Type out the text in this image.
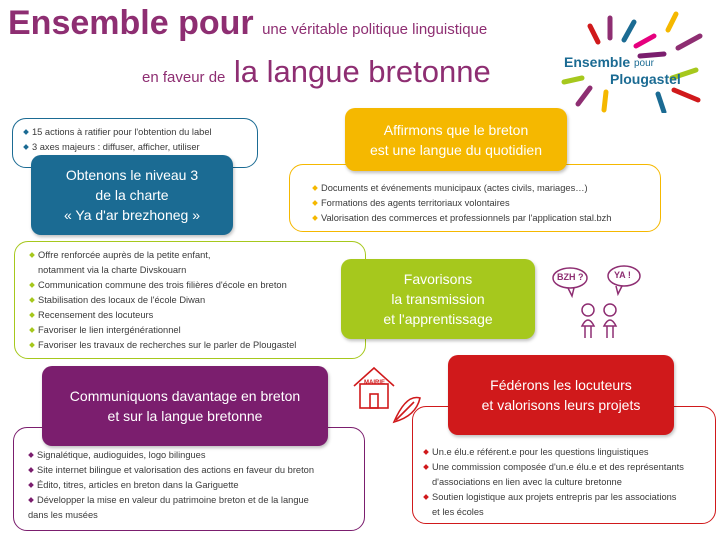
Ensemble pour une véritable politique linguistique
en faveur de la langue bretonne	Ensemble pour
Plougastel
15 actions à ratifier pour l'obtention du label
3 axes majeurs : diffuser, afficher, utiliser
Obtenons le niveau 3
de la charte
« Ya d'ar brezhoneg »
Documents et événements municipaux (actes civils, mariages…)
Formations des agents territoriaux volontaires
Valorisation des commerces et professionnels par l'application stal.bzh
Affirmons que le breton
est une langue du quotidien
Offre renforcée auprès de la petite enfant,
notamment via la charte Divskouarn
Communication commune des trois filières d'école en breton
Stabilisation des locaux de l'école Diwan
Recensement des locuteurs
Favoriser le lien intergénérationnel
Favoriser les travaux de recherches sur le parler de Plougastel
Favorisons
la transmission
et l'apprentissage
BZH ?	YA !
MAIRIE
Signalétique, audioguides, logo bilingues
Site internet bilingue et valorisation des actions en faveur du breton
Édito, titres, articles en breton dans la Gariguette
Développer la mise en valeur du patrimoine breton et de la langue
dans les musées
Communiquons davantage en breton
et sur la langue bretonne
Un.e élu.e référent.e pour les questions linguistiques
Une commission composée d'un.e élu.e et des représentants
d'associations en lien avec la culture bretonne
Soutien logistique aux projets entrepris par les associations
et les écoles
Fédérons les locuteurs
et valorisons leurs projets
